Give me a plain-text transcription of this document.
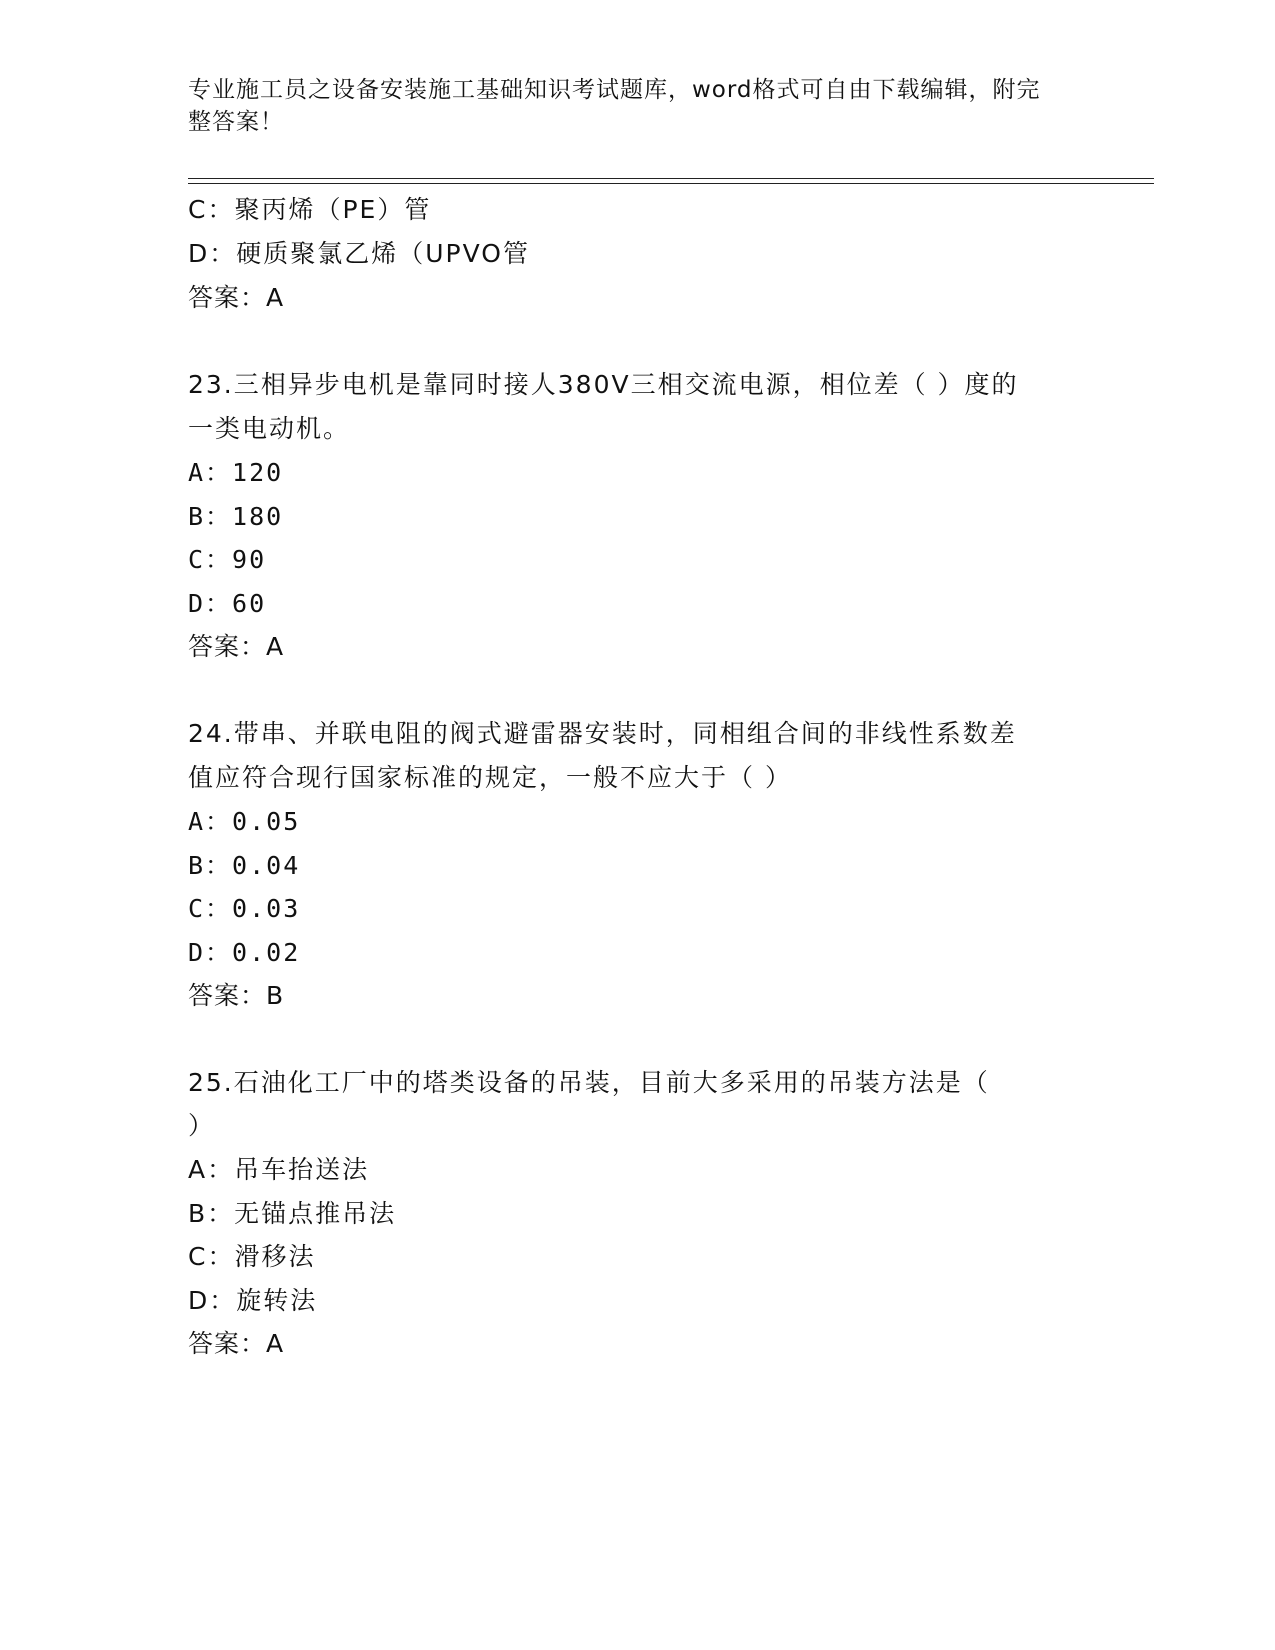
专业施工员之设备安装施工基础知识考试题库，word格式可自由下载编辑，附完
整答案！
C：聚丙烯（PE）管
D：硬质聚氯乙烯（UPVO管
答案：A
23.三相异步电机是靠同时接人380V三相交流电源，相位差（ ）度的
一类电动机。
A：120
B：180
C：90
D：60
答案：A
24.带串、并联电阻的阀式避雷器安装时，同相组合间的非线性系数差
值应符合现行国家标准的规定，一般不应大于（ ）
A：0.05
B：0.04
C：0.03
D：0.02
答案：B
25.石油化工厂中的塔类设备的吊装，目前大多采用的吊装方法是（
）
A：吊车抬送法
B：无锚点推吊法
C：滑移法
D：旋转法
答案：A
